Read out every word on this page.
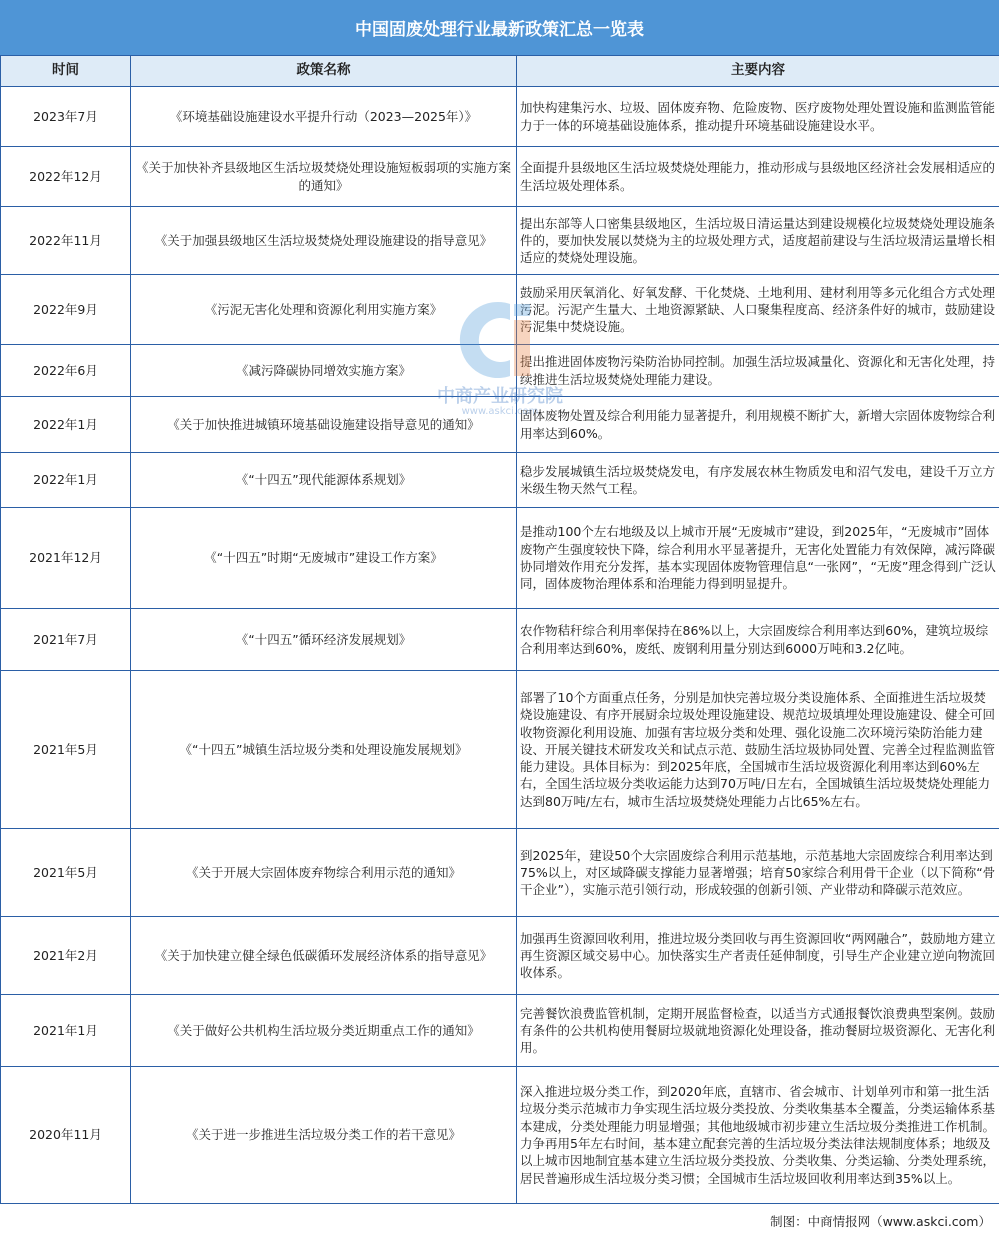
中国固废处理行业最新政策汇总一览表
时间	政策名称	主要内容
2023年7月	《环境基础设施建设水平提升行动（2023—2025年）》	加快构建集污水、垃圾、固体废弃物、危险废物、医疗废物处理处置设施和监测监管能力于一体的环境基础设施体系，推动提升环境基础设施建设水平。
2022年12月	《关于加快补齐县级地区生活垃圾焚烧处理设施短板弱项的实施方案的通知》	全面提升县级地区生活垃圾焚烧处理能力，推动形成与县级地区经济社会发展相适应的生活垃圾处理体系。
2022年11月	《关于加强县级地区生活垃圾焚烧处理设施建设的指导意见》	提出东部等人口密集县级地区，生活垃圾日清运量达到建设规模化垃圾焚烧处理设施条件的，要加快发展以焚烧为主的垃圾处理方式，适度超前建设与生活垃圾清运量增长相适应的焚烧处理设施。
2022年9月	《污泥无害化处理和资源化利用实施方案》	鼓励采用厌氧消化、好氧发酵、干化焚烧、土地利用、建材利用等多元化组合方式处理污泥。污泥产生量大、土地资源紧缺、人口聚集程度高、经济条件好的城市，鼓励建设污泥集中焚烧设施。
2022年6月	《减污降碳协同增效实施方案》	提出推进固体废物污染防治协同控制。加强生活垃圾减量化、资源化和无害化处理，持续推进生活垃圾焚烧处理能力建设。
2022年1月	《关于加快推进城镇环境基础设施建设指导意见的通知》	固体废物处置及综合利用能力显著提升，利用规模不断扩大，新增大宗固体废物综合利用率达到60%。
2022年1月	《“十四五”现代能源体系规划》	稳步发展城镇生活垃圾焚烧发电，有序发展农林生物质发电和沼气发电，建设千万立方米级生物天然气工程。
2021年12月	《“十四五”时期“无废城市”建设工作方案》	是推动100个左右地级及以上城市开展“无废城市”建设，到2025年，“无废城市”固体废物产生强度较快下降，综合利用水平显著提升，无害化处置能力有效保障，减污降碳协同增效作用充分发挥，基本实现固体废物管理信息“一张网”，“无废”理念得到广泛认同，固体废物治理体系和治理能力得到明显提升。
2021年7月	《“十四五”循环经济发展规划》	农作物秸秆综合利用率保持在86%以上，大宗固废综合利用率达到60%，建筑垃圾综合利用率达到60%，废纸、废钢利用量分别达到6000万吨和3.2亿吨。
2021年5月	《“十四五”城镇生活垃圾分类和处理设施发展规划》	部署了10个方面重点任务，分别是加快完善垃圾分类设施体系、全面推进生活垃圾焚烧设施建设、有序开展厨余垃圾处理设施建设、规范垃圾填埋处理设施建设、健全可回收物资源化利用设施、加强有害垃圾分类和处理、强化设施二次环境污染防治能力建设、开展关键技术研发攻关和试点示范、鼓励生活垃圾协同处置、完善全过程监测监管能力建设。具体目标为：到2025年底，全国城市生活垃圾资源化利用率达到60%左右，全国生活垃圾分类收运能力达到70万吨/日左右，全国城镇生活垃圾焚烧处理能力达到80万吨/左右，城市生活垃圾焚烧处理能力占比65%左右。
2021年5月	《关于开展大宗固体废弃物综合利用示范的通知》	到2025年，建设50个大宗固废综合利用示范基地，示范基地大宗固废综合利用率达到75%以上，对区域降碳支撑能力显著增强；培育50家综合利用骨干企业（以下简称“骨干企业”），实施示范引领行动，形成较强的创新引领、产业带动和降碳示范效应。
2021年2月	《关于加快建立健全绿色低碳循环发展经济体系的指导意见》	加强再生资源回收利用，推进垃圾分类回收与再生资源回收“两网融合”，鼓励地方建立再生资源区域交易中心。加快落实生产者责任延伸制度，引导生产企业建立逆向物流回收体系。
2021年1月	《关于做好公共机构生活垃圾分类近期重点工作的通知》	完善餐饮浪费监管机制，定期开展监督检查，以适当方式通报餐饮浪费典型案例。鼓励有条件的公共机构使用餐厨垃圾就地资源化处理设备，推动餐厨垃圾资源化、无害化利用。
2020年11月	《关于进一步推进生活垃圾分类工作的若干意见》	深入推进垃圾分类工作，到2020年底，直辖市、省会城市、计划单列市和第一批生活垃圾分类示范城市力争实现生活垃圾分类投放、分类收集基本全覆盖，分类运输体系基本建成，分类处理能力明显增强；其他地级城市初步建立生活垃圾分类推进工作机制。力争再用5年左右时间，基本建立配套完善的生活垃圾分类法律法规制度体系；地级及以上城市因地制宜基本建立生活垃圾分类投放、分类收集、分类运输、分类处理系统，居民普遍形成生活垃圾分类习惯；全国城市生活垃圾回收利用率达到35%以上。
中商产业研究院
www.askci.com
制图：中商情报网（www.askci.com）
